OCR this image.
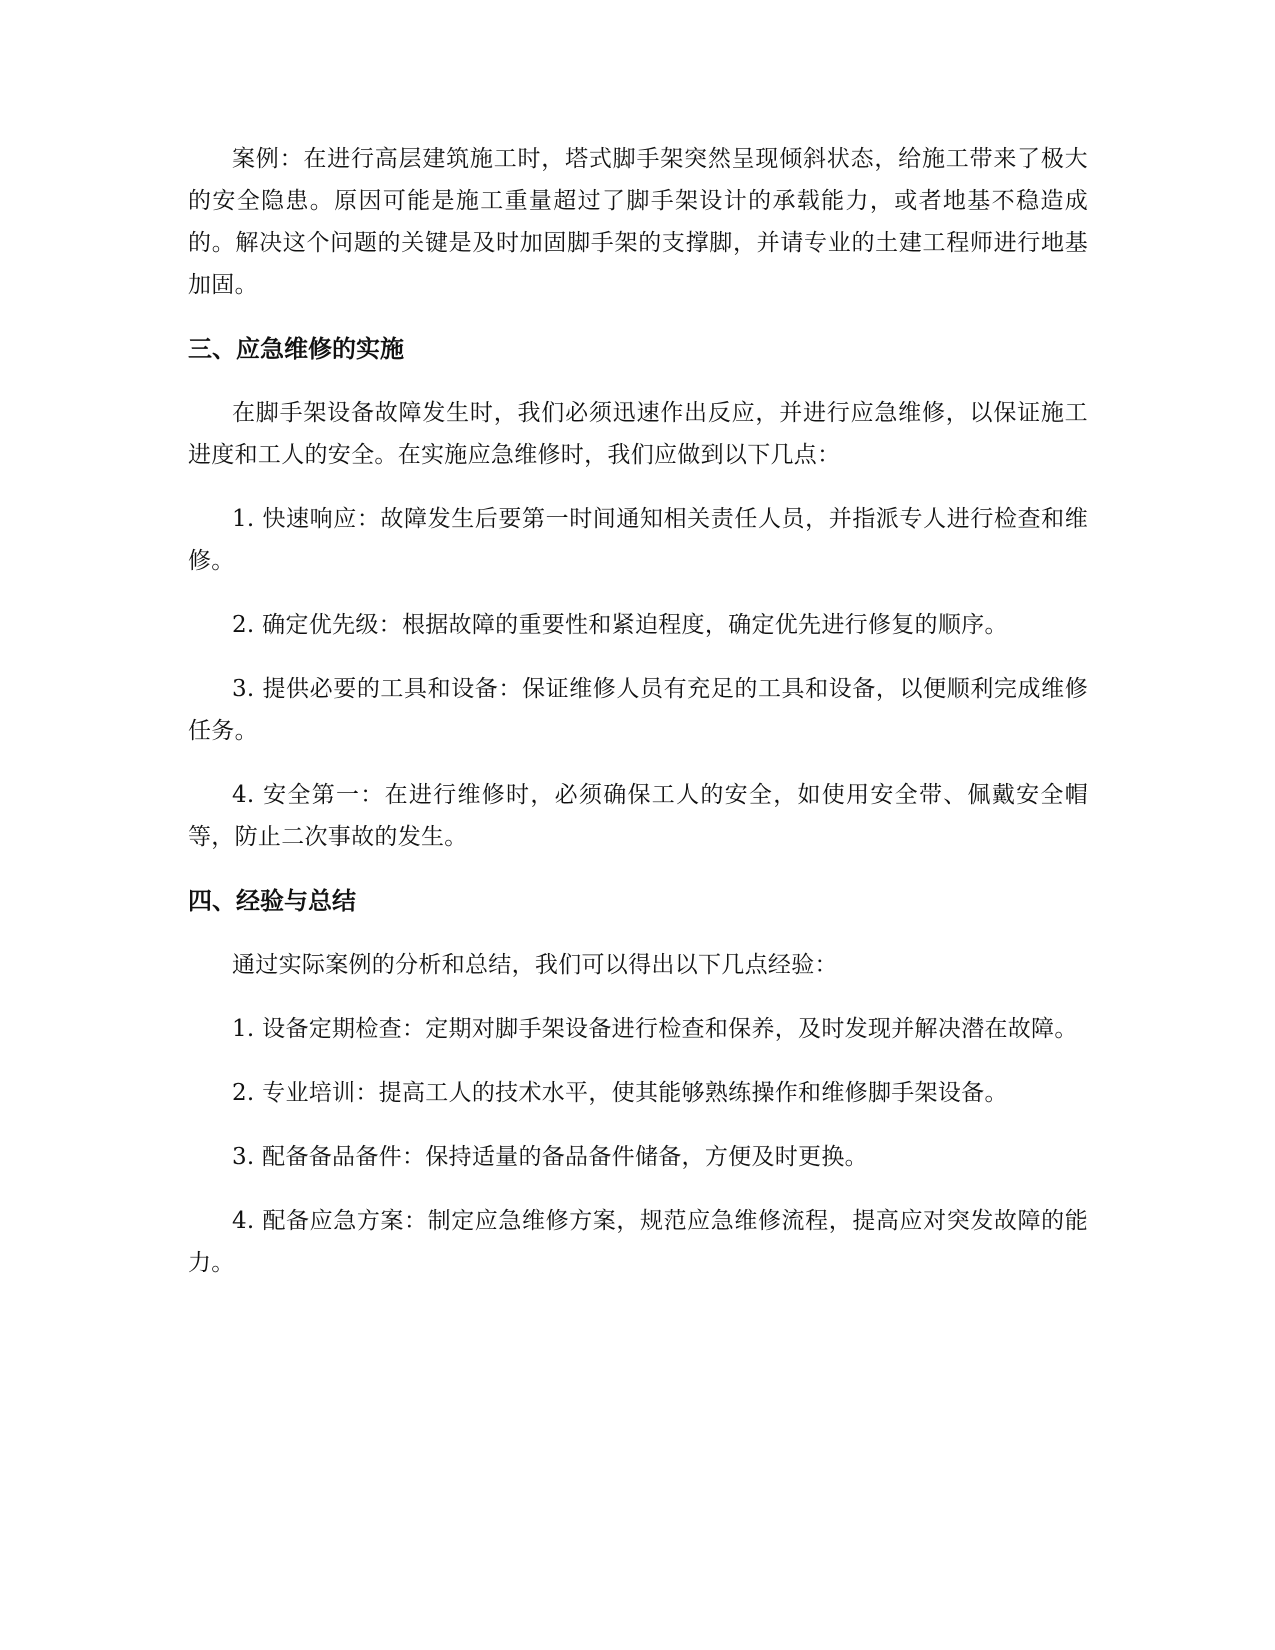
案例：在进行高层建筑施工时，塔式脚手架突然呈现倾斜状态，给施工带来了极大的安全隐患。原因可能是施工重量超过了脚手架设计的承载能力，或者地基不稳造成的。解决这个问题的关键是及时加固脚手架的支撑脚，并请专业的土建工程师进行地基加固。

三、应急维修的实施

在脚手架设备故障发生时，我们必须迅速作出反应，并进行应急维修，以保证施工进度和工人的安全。在实施应急维修时，我们应做到以下几点：

1. 快速响应：故障发生后要第一时间通知相关责任人员，并指派专人进行检查和维修。

2. 确定优先级：根据故障的重要性和紧迫程度，确定优先进行修复的顺序。

3. 提供必要的工具和设备：保证维修人员有充足的工具和设备，以便顺利完成维修任务。

4. 安全第一：在进行维修时，必须确保工人的安全，如使用安全带、佩戴安全帽等，防止二次事故的发生。

四、经验与总结

通过实际案例的分析和总结，我们可以得出以下几点经验：

1. 设备定期检查：定期对脚手架设备进行检查和保养，及时发现并解决潜在故障。

2. 专业培训：提高工人的技术水平，使其能够熟练操作和维修脚手架设备。

3. 配备备品备件：保持适量的备品备件储备，方便及时更换。

4. 配备应急方案：制定应急维修方案，规范应急维修流程，提高应对突发故障的能力。
